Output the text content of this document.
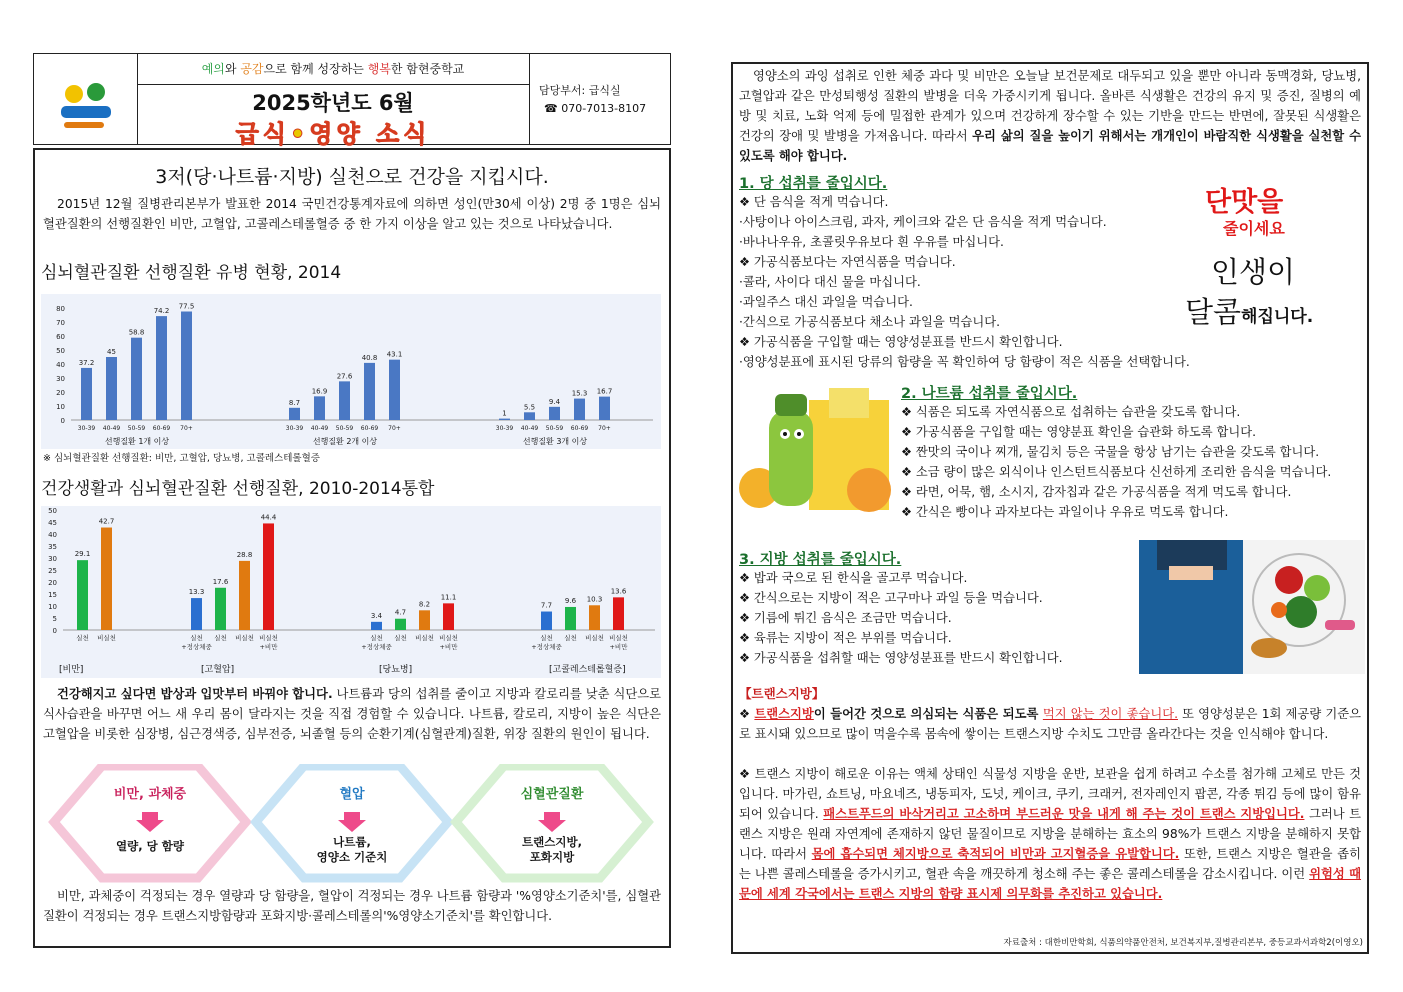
예의와 공감으로 함께 성장하는 행복한 함현중학교
2025학년도 6월
급식•영양 소식
담당부서: 급식실
☎ 070-7013-8107
3저(당·나트륨·지방) 실천으로 건강을 지킵시다.
2015년 12월 질병관리본부가 발표한 2014 국민건강통계자료에 의하면 성인(만30세 이상) 2명 중 1명은 심뇌혈관질환의 선행질환인 비만, 고혈압, 고콜레스테롤혈증 중 한 가지 이상을 알고 있는 것으로 나타났습니다.
심뇌혈관질환 선행질환 유병 현황, 2014
0
10
20
30
40
50
60
70
80
37.2
30-39
45
40-49
58.8
50-59
74.2
60-69
77.5
70+
선행질환 1개 이상
8.7
30-39
16.9
40-49
27.6
50-59
40.8
60-69
43.1
70+
선행질환 2개 이상
1
30-39
5.5
40-49
9.4
50-59
15.3
60-69
16.7
70+
선행질환 3개 이상
※ 심뇌혈관질환 선행질환: 비만, 고혈압, 당뇨병, 고콜레스테롤혈증
건강생활과 심뇌혈관질환 선행질환, 2010-2014통합
0
5
10
15
20
25
30
35
40
45
50
29.1
실천
42.7
비실천
[비만]
13.3
실천
+정상체중
17.6
실천
28.8
비실천
44.4
비실천
+비만
[고혈압]
3.4
실천
+정상체중
4.7
실천
8.2
비실천
11.1
비실천
+비만
[당뇨병]
7.7
실천
+정상체중
9.6
실천
10.3
비실천
13.6
비실천
+비만
[고콜레스테롤혈증]
건강해지고 싶다면 밥상과 입맛부터 바꿔야 합니다. 나트륨과 당의 섭취를 줄이고 지방과 칼로리를 낮춘 식단으로 식사습관을 바꾸면 어느 새 우리 몸이 달라지는 것을 직접 경험할 수 있습니다. 나트륨, 칼로리, 지방이 높은 식단은 고혈압을 비롯한 심장병, 심근경색증, 심부전증, 뇌졸혈 등의 순환기계(심혈관계)질환, 위장 질환의 원인이 됩니다.
비만, 과체중
열량, 당 함량
혈압
나트륨,
영양소 기준치
심혈관질환
트랜스지방,
포화지방
비만, 과체중이 걱정되는 경우 열량과 당 함량을, 혈압이 걱정되는 경우 나트륨 함량과 '%영양소기준치'를, 심혈관질환이 걱정되는 경우 트랜스지방함량과 포화지방·콜레스테롤의'%영양소기준치'를 확인합니다.
영양소의 과잉 섭취로 인한 체중 과다 및 비만은 오늘날 보건문제로 대두되고 있을 뿐만 아니라 동맥경화, 당뇨병, 고혈압과 같은 만성퇴행성 질환의 발병을 더욱 가중시키게 됩니다. 올바른 식생활은 건강의 유지 및 증진, 질병의 예방 및 치료, 노화 억제 등에 밀접한 관계가 있으며 건강하게 장수할 수 있는 기반을 만드는 반면에, 잘못된 식생활은 건강의 장애 및 발병을 가져옵니다. 따라서 우리 삶의 질을 높이기 위해서는 개개인이 바람직한 식생활을 실천할 수 있도록 해야 합니다.
1. 당 섭취를 줄입시다.
❖ 단 음식을 적게 먹습니다.
·사탕이나 아이스크림, 과자, 케이크와 같은 단 음식을 적게 먹습니다.
·바나나우유, 초콜릿우유보다 흰 우유를 마십니다.
❖ 가공식품보다는 자연식품을 먹습니다.
·콜라, 사이다 대신 물을 마십니다.
·과일주스 대신 과일을 먹습니다.
·간식으로 가공식품보다 채소나 과일을 먹습니다.
❖ 가공식품을 구입할 때는 영양성분표를 반드시 확인합니다.
·영양성분표에 표시된 당류의 함량을 꼭 확인하여 당 함량이 적은 식품을 선택합니다.
단맛을
줄이세요
인생이
달콤해집니다.
2. 나트륨 섭취를 줄입시다.
❖ 식품은 되도록 자연식품으로 섭취하는 습관을 갖도록 합니다.
❖ 가공식품을 구입할 때는 영양분표 확인을 습관화 하도록 합니다.
❖ 짠맛의 국이나 찌개, 물김치 등은 국물을 항상 남기는 습관을 갖도록 합니다.
❖ 소금 량이 많은 외식이나 인스턴트식품보다 신선하게 조리한 음식을 먹습니다.
❖ 라면, 어묵, 햄, 소시지, 감자칩과 같은 가공식품을 적게 먹도록 합니다.
❖ 간식은 빵이나 과자보다는 과일이나 우유로 먹도록 합니다.
3. 지방 섭취를 줄입시다.
❖ 밥과 국으로 된 한식을 골고루 먹습니다.
❖ 간식으로는 지방이 적은 고구마나 과일 등을 먹습니다.
❖ 기름에 튀긴 음식은 조금만 먹습니다.
❖ 육류는 지방이 적은 부위를 먹습니다.
❖ 가공식품을 섭취할 때는 영양성분표를 반드시 확인합니다.
【트랜스지방】
❖ 트랜스지방이 들어간 것으로 의심되는 식품은 되도록 먹지 않는 것이 좋습니다. 또 영양성분은 1회 제공량 기준으로 표시돼 있으므로 많이 먹을수록 몸속에 쌓이는 트랜스지방 수치도 그만큼 올라간다는 것을 인식해야 합니다.
❖ 트랜스 지방이 해로운 이유는 액체 상태인 식물성 지방을 운반, 보관을 쉽게 하려고 수소를 첨가해 고체로 만든 것입니다. 마가린, 쇼트닝, 마요네즈, 냉동피자, 도넛, 케이크, 쿠키, 크래커, 전자레인지 팝콘, 각종 튀김 등에 많이 함유되어 있습니다. 패스트푸드의 바삭거리고 고소하며 부드러운 맛을 내게 해 주는 것이 트랜스 지방입니다. 그러나 트랜스 지방은 원래 자연계에 존재하지 않던 물질이므로 지방을 분해하는 효소의 98%가 트랜스 지방을 분해하지 못합니다. 따라서 몸에 흡수되면 체지방으로 축적되어 비만과 고지혈증을 유발합니다. 또한, 트랜스 지방은 혈관을 좁히는 나쁜 콜레스테롤을 증가시키고, 혈관 속을 깨끗하게 청소해 주는 좋은 콜레스테롤을 감소시킵니다. 이런 위험성 때문에 세계 각국에서는 트랜스 지방의 함량 표시제 의무화를 추진하고 있습니다.
자료출처 : 대한비만학회, 식품의약품안전처, 보건복지부,질병관리본부, 중등교과서과학2(이영오)
